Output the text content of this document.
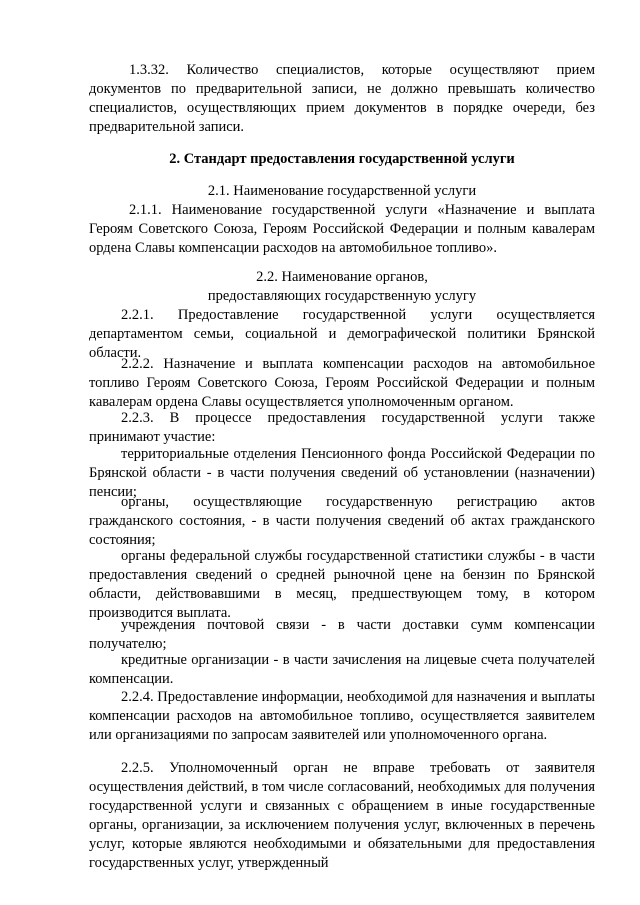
1.3.32. Количество специалистов, которые осуществляют прием документов по предварительной записи, не должно превышать количество специалистов, осуществляющих прием документов в порядке очереди, без предварительной записи.

2. Стандарт предоставления государственной услуги

2.1. Наименование государственной услуги

2.1.1. Наименование государственной услуги «Назначение и выплата Героям Советского Союза, Героям Российской Федерации и полным кавалерам ордена Славы компенсации расходов на автомобильное топливо».

2.2. Наименование органов,

предоставляющих государственную услугу

2.2.1. Предоставление государственной услуги осуществляется департаментом семьи, социальной и демографической политики Брянской области.

2.2.2. Назначение и выплата компенсации расходов на автомобильное топливо Героям Советского Союза, Героям Российской Федерации и полным кавалерам ордена Славы осуществляется уполномоченным органом.

2.2.3. В процессе предоставления государственной услуги также принимают участие:

территориальные отделения Пенсионного фонда Российской Федерации по Брянской области - в части получения сведений об установлении (назначении) пенсии;

органы, осуществляющие государственную регистрацию актов гражданского состояния, - в части получения сведений об актах гражданского состояния;

органы федеральной службы государственной статистики службы - в части предоставления сведений о средней рыночной цене на бензин по Брянской области, действовавшими в месяц, предшествующем тому, в котором производится выплата.

учреждения почтовой связи - в части доставки сумм компенсации получателю;

кредитные организации - в части зачисления на лицевые счета получателей компенсации.

2.2.4. Предоставление информации, необходимой для назначения и выплаты компенсации расходов на автомобильное топливо, осуществляется заявителем или организациями по запросам заявителей или уполномоченного органа.

2.2.5. Уполномоченный орган не вправе требовать от заявителя осуществления действий, в том числе согласований, необходимых для получения государственной услуги и связанных с обращением в иные государственные органы, организации, за исключением получения услуг, включенных в перечень услуг, которые являются необходимыми и обязательными для предоставления государственных услуг, утвержденный
